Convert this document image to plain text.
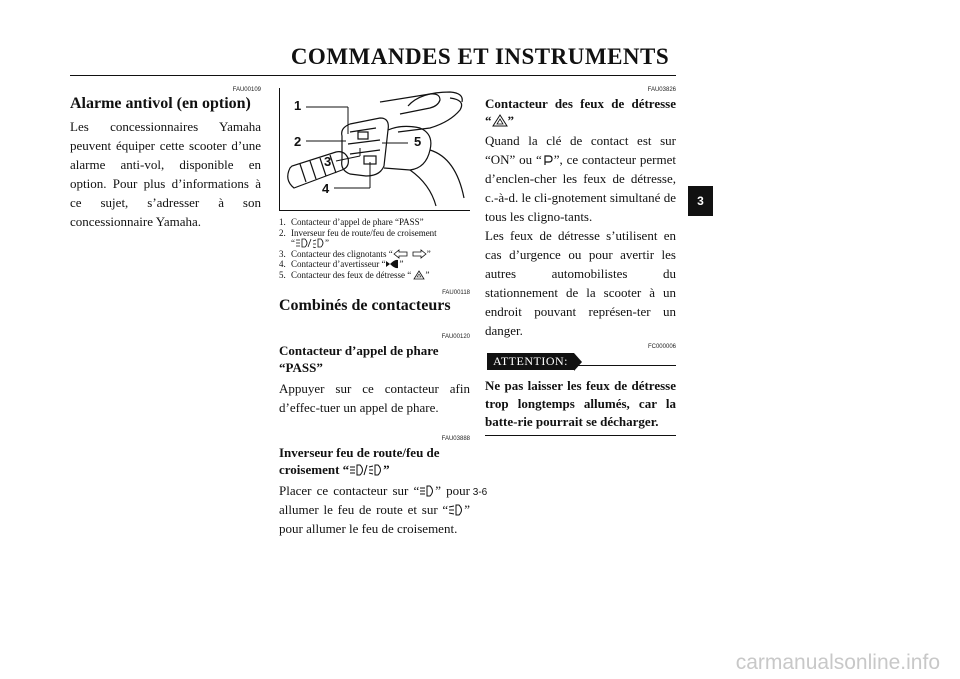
COMMANDES ET INSTRUMENTS
3
FAU00109
Alarme antivol (en option)

Les concessionnaires Yamaha peuvent équiper cette scooter d’une alarme anti-vol, disponible en option. Pour plus d’informations à ce sujet, s’adresser à son concessionnaire Yamaha.

1
2
3
4
5
1. Contacteur d’appel de phare “PASS”
2. Inverseur feu de route/feu de croisement
“	”
3. Contacteur des clignotants “	”
4. Contacteur d’avertisseur “ ”
5. Contacteur des feux de détresse “ ”
FAU00118
Combinés de contacteurs
FAU00120
Contacteur d’appel de phare “PASS”

Appuyer sur ce contacteur afin d’effec-tuer un appel de phare.

FAU03888
Inverseur feu de route/feu de
croisement “	”

Placer ce contacteur sur “ ” pour allumer le feu de route et sur “ ” pour allumer le feu de croisement.

FAU03826
Contacteur des feux de détresse
“ ”

Quand la clé de contact est sur “ON” ou “ ”, ce contacteur permet d’enclen-cher les feux de détresse, c.-à-d. le cli-gnotement simultané de tous les cligno-tants.

Les feux de détresse s’utilisent en cas d’urgence ou pour avertir les autres automobilistes du stationnement de la scooter à un endroit pouvant représen-ter un danger.

FC000006
ATTENTION:
Ne pas laisser les feux de détresse trop longtemps allumés, car la batte-rie pourrait se décharger.
3-6
carmanualsonline.info
